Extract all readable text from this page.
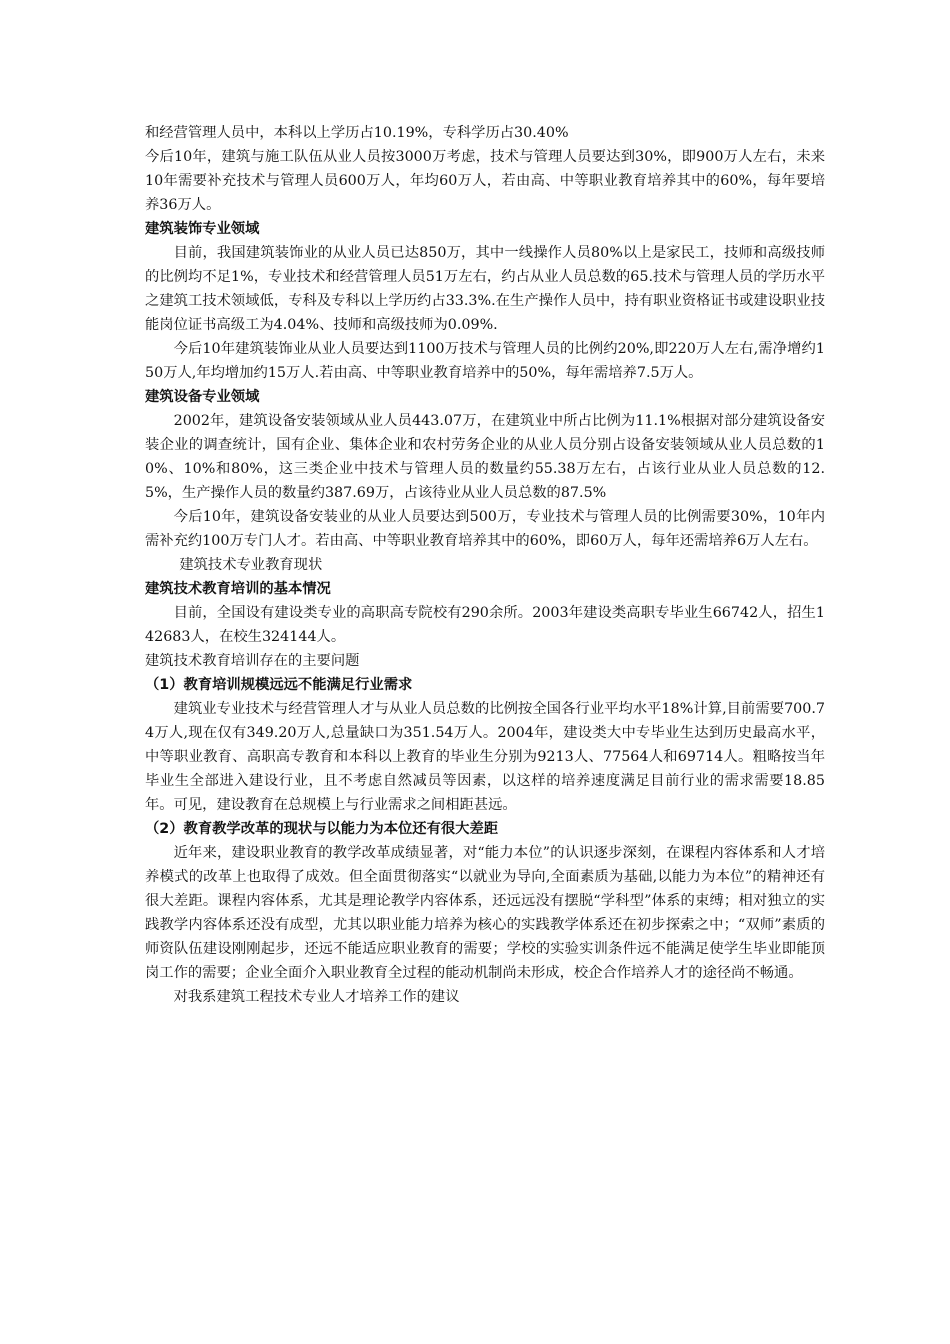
和经营管理人员中，本科以上学历占10.19%，专科学历占30.40%

今后10年，建筑与施工队伍从业人员按3000万考虑，技术与管理人员要达到30%，即900万人左右，未来10年需要补充技术与管理人员600万人，年均60万人，若由高、中等职业教育培养其中的60%，每年要培养36万人。

建筑装饰专业领域

目前，我国建筑装饰业的从业人员已达850万，其中一线操作人员80%以上是家民工，技师和高级技师的比例均不足1%，专业技术和经营管理人员51万左右，约占从业人员总数的65.技术与管理人员的学历水平之建筑工技术领域低，专科及专科以上学历约占33.3%.在生产操作人员中，持有职业资格证书或建设职业技能岗位证书高级工为4.04%、技师和高级技师为0.09%.

今后10年建筑装饰业从业人员要达到1100万技术与管理人员的比例约20%,即220万人左右,需净增约150万人,年均增加约15万人.若由高、中等职业教育培养中的50%，每年需培养7.5万人。

建筑设备专业领域

2002年，建筑设备安装领域从业人员443.07万，在建筑业中所占比例为11.1%根据对部分建筑设备安装企业的调查统计，国有企业、集体企业和农村劳务企业的从业人员分别占设备安装领域从业人员总数的10%、10%和80%，这三类企业中技术与管理人员的数量约55.38万左右，占该行业从业人员总数的12.5%，生产操作人员的数量约387.69万，占该待业从业人员总数的87.5%

今后10年，建筑设备安装业的从业人员要达到500万，专业技术与管理人员的比例需要30%，10年内需补充约100万专门人才。若由高、中等职业教育培养其中的60%，即60万人，每年还需培养6万人左右。

建筑技术专业教育现状

建筑技术教育培训的基本情况

目前，全国设有建设类专业的高职高专院校有290余所。2003年建设类高职专毕业生66742人，招生142683人，在校生324144人。

建筑技术教育培训存在的主要问题

（1）教育培训规模远远不能满足行业需求

建筑业专业技术与经营管理人才与从业人员总数的比例按全国各行业平均水平18%计算,目前需要700.74万人,现在仅有349.20万人,总量缺口为351.54万人。2004年，建设类大中专毕业生达到历史最高水平，中等职业教育、高职高专教育和本科以上教育的毕业生分别为9213人、77564人和69714人。粗略按当年毕业生全部进入建设行业，且不考虑自然减员等因素，以这样的培养速度满足目前行业的需求需要18.85年。可见，建设教育在总规模上与行业需求之间相距甚远。

（2）教育教学改革的现状与以能力为本位还有很大差距

近年来，建设职业教育的教学改革成绩显著，对“能力本位”的认识逐步深刻，在课程内容体系和人才培养模式的改革上也取得了成效。但全面贯彻落实“以就业为导向,全面素质为基础,以能力为本位”的精神还有很大差距。课程内容体系，尤其是理论教学内容体系，还远远没有摆脱“学科型”体系的束缚；相对独立的实践教学内容体系还没有成型，尤其以职业能力培养为核心的实践教学体系还在初步探索之中；“双师”素质的师资队伍建设刚刚起步，还远不能适应职业教育的需要；学校的实验实训条件远不能满足使学生毕业即能顶岗工作的需要；企业全面介入职业教育全过程的能动机制尚未形成，校企合作培养人才的途径尚不畅通。

对我系建筑工程技术专业人才培养工作的建议
